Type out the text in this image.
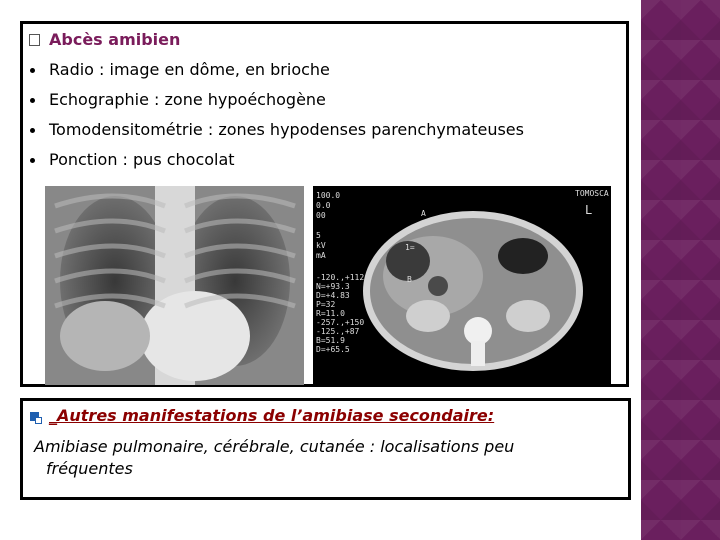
Abcès amibien
Radio : image en dôme, en brioche
Echographie : zone hypoéchogène
Tomodensitométrie : zones hypodenses parenchymateuses
Ponction : pus chocolat
100.0
0.0
00
5
kV
mA
TOMOSCA
L
A
1=
B
-120.,+112
N=+93.3
D=+4.83
P=32
R=11.0
-257.,+150
-125.,+87
B=51.9
D=+65.5
_Autres manifestations de l’amibiase secondaire:
Amibiase pulmonaire, cérébrale, cutanée : localisations peu
fréquentes
